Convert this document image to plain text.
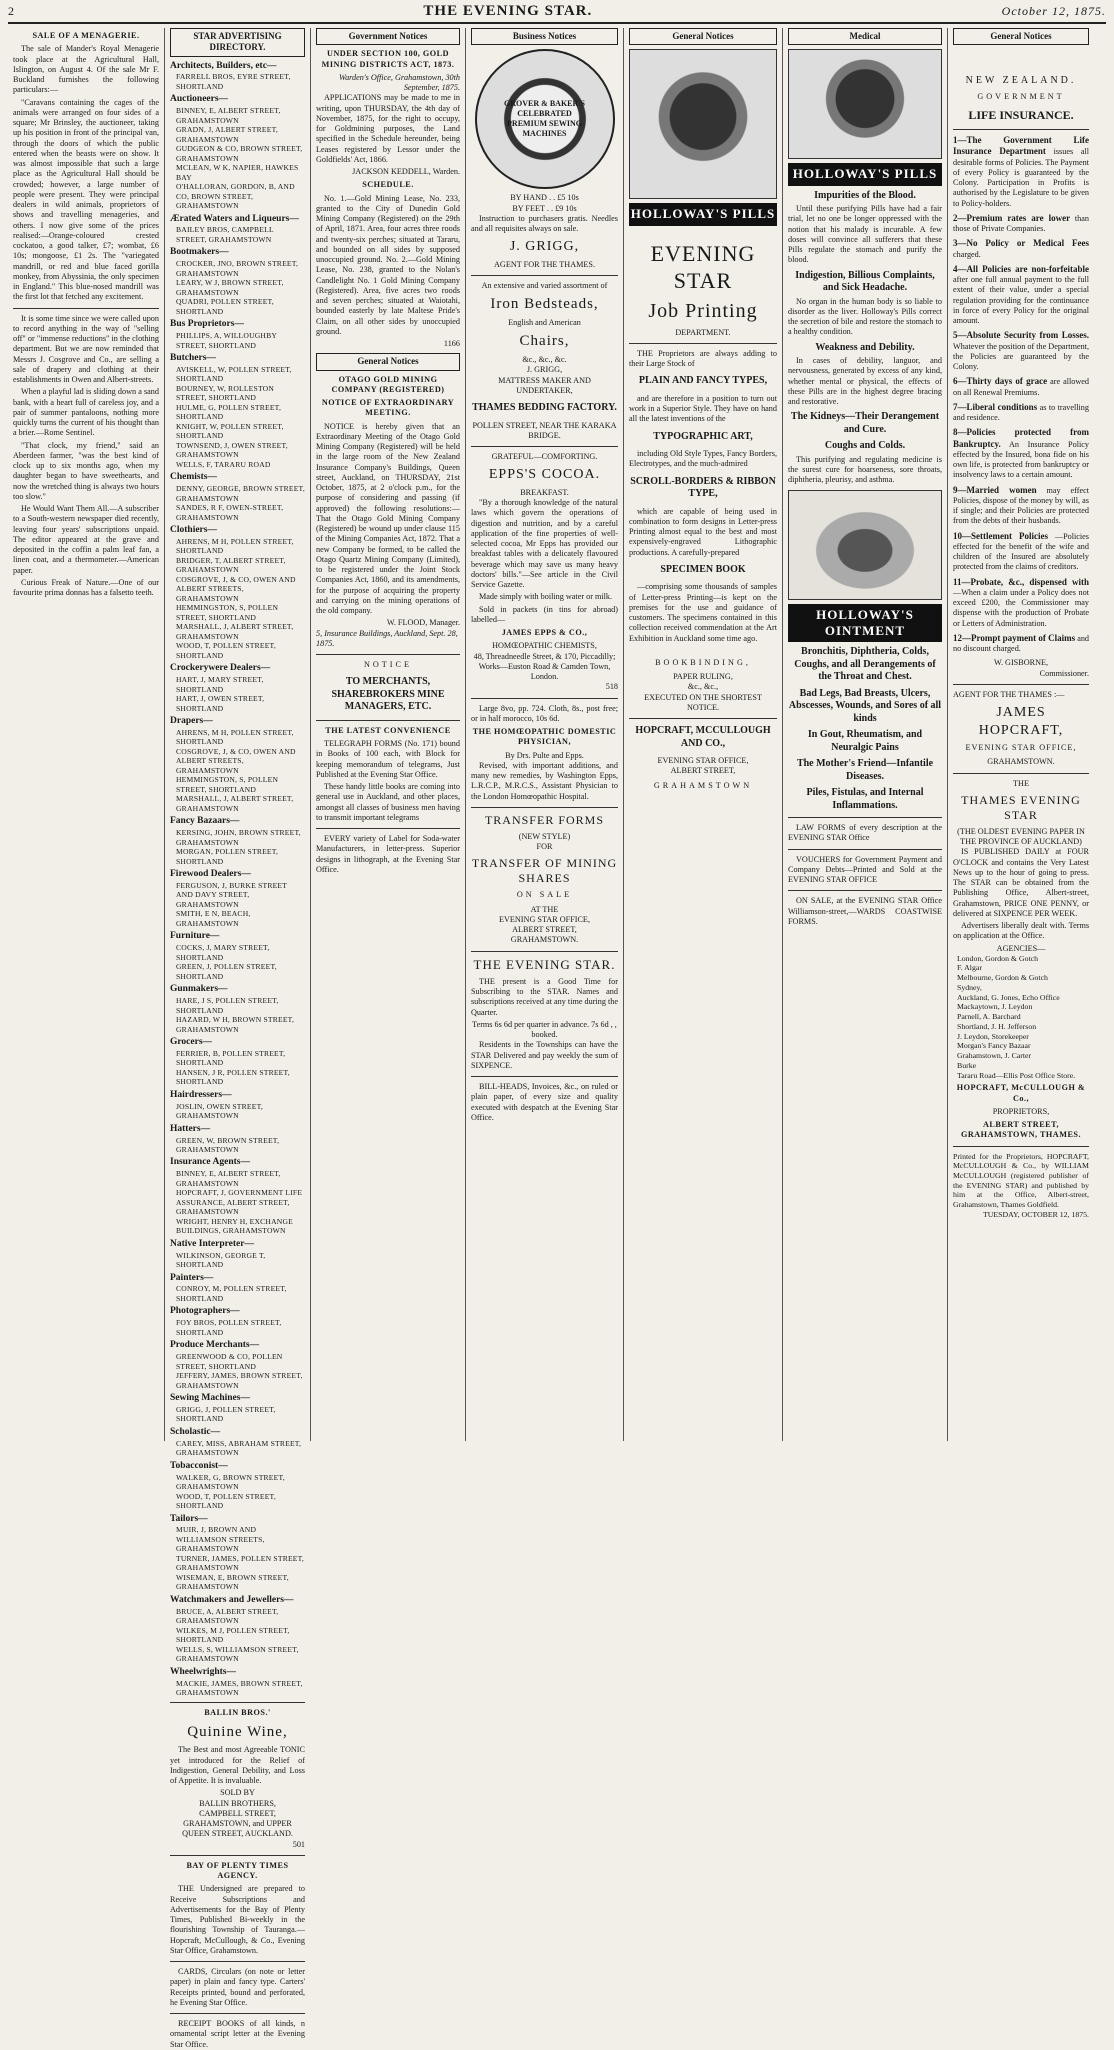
2	THE EVENING STAR.	October 12, 1875.
SALE OF A MENAGERIE.

The sale of Mander's Royal Menagerie took place at the Agricultural Hall, Islington, on August 4. Of the sale Mr F. Buckland furnishes the following particulars:—

"Caravans containing the cages of the animals were arranged on four sides of a square; Mr Brinsley, the auctioneer, taking up his position in front of the principal van, through the doors of which the public entered when the beasts were on show. It was almost impossible that such a large place as the Agricultural Hall should be crowded; however, a large number of people were present. They were principal dealers in wild animals, proprietors of shows and travelling menageries, and others. I now give some of the prices realised:—Orange-coloured crested cockatoo, a good talker, £7; wombat, £6 10s; mongoose, £1 2s. The "variegated mandrill, or red and blue faced gorilla monkey, from Abyssinia, the only specimen in England." This blue-nosed mandrill was the first lot that fetched any excitement.

It is some time since we were called upon to record anything in the way of "selling off" or "immense reductions" in the clothing department. But we are now reminded that Messrs J. Cosgrove and Co., are selling a sale of drapery and clothing at their establishments in Owen and Albert-streets.

When a playful lad is sliding down a sand bank, with a heart full of careless joy, and a pair of summer pantaloons, nothing more quickly turns the current of his thought than a brier.—Rome Sentinel.

"That clock, my friend," said an Aberdeen farmer, "was the best kind of clock up to six months ago, when my daughter began to have sweethearts, and now the wretched thing is always two hours too slow."

He Would Want Them All.—A subscriber to a South-western newspaper died recently, leaving four years' subscriptions unpaid. The editor appeared at the grave and deposited in the coffin a palm leaf fan, a linen coat, and a thermometer.—American paper.

Curious Freak of Nature.—One of our favourite prima donnas has a falsetto teeth.

STAR ADVERTISING DIRECTORY.
Architects, Builders, etc—
FARRELL BROS, EYRE STREET, SHORTLAND
Auctioneers—
BINNEY, E, ALBERT STREET, GRAHAMSTOWN
GRADN, J, ALBERT STREET, GRAHAMSTOWN
GUDGEON & CO, BROWN STREET, GRAHAMSTOWN
MCLEAN, W K, NAPIER, HAWKES BAY
O'HALLORAN, GORDON, B, AND CO, BROWN STREET, GRAHAMSTOWN
Ærated Waters and Liqueurs—
BAILEY BROS, CAMPBELL STREET, GRAHAMSTOWN
Bootmakers—
CROCKER, JNO, BROWN STREET, GRAHAMSTOWN
LEARY, W J, BROWN STREET, GRAHAMSTOWN
QUADRI, POLLEN STREET, SHORTLAND
Bus Proprietors—
PHILLIPS, A, WILLOUGHBY STREET, SHORTLAND
Butchers—
AVISKELL, W, POLLEN STREET, SHORTLAND
BOURNEY, W, ROLLESTON STREET, SHORTLAND
HULME, G, POLLEN STREET, SHORTLAND
KNIGHT, W, POLLEN STREET, SHORTLAND
TOWNSEND, J, OWEN STREET, GRAHAMSTOWN
WELLS, F, TARARU ROAD
Chemists—
DENNY, GEORGE, BROWN STREET, GRAHAMSTOWN
SANDES, R F, OWEN-STREET, GRAHAMSTOWN
Clothiers—
AHRENS, M H, POLLEN STREET, SHORTLAND
BRIDGER, T, ALBERT STREET, GRAHAMSTOWN
COSGROVE, J, & CO, OWEN AND ALBERT STREETS, GRAHAMSTOWN
HEMMINGSTON, S, POLLEN STREET, SHORTLAND
MARSHALL, J, ALBERT STREET, GRAHAMSTOWN
WOOD, T, POLLEN STREET, SHORTLAND
Crockerywere Dealers—
HART, J, MARY STREET, SHORTLAND
HART, J, OWEN STREET, SHORTLAND
Drapers—
AHRENS, M H, POLLEN STREET, SHORTLAND
COSGROVE, J, & CO, OWEN AND ALBERT STREETS, GRAHAMSTOWN
HEMMINGSTON, S, POLLEN STREET, SHORTLAND
MARSHALL, J, ALBERT STREET, GRAHAMSTOWN
Fancy Bazaars—
KERSING, JOHN, BROWN STREET, GRAHAMSTOWN
MORGAN, POLLEN STREET, SHORTLAND
Firewood Dealers—
FERGUSON, J, BURKE STREET AND DAVY STREET, GRAHAMSTOWN
SMITH, E N, BEACH, GRAHAMSTOWN
Furniture—
COCKS, J, MARY STREET, SHORTLAND
GREEN, J, POLLEN STREET, SHORTLAND
Gunmakers—
HARE, J S, POLLEN STREET, SHORTLAND
HAZARD, W H, BROWN STREET, GRAHAMSTOWN
Grocers—
FERRIER, B, POLLEN STREET, SHORTLAND
HANSEN, J R, POLLEN STREET, SHORTLAND
Hairdressers—
JOSLIN, OWEN STREET, GRAHAMSTOWN
Hatters—
GREEN, W, BROWN STREET, GRAHAMSTOWN
Insurance Agents—
BINNEY, E, ALBERT STREET, GRAHAMSTOWN
HOPCRAFT, J, GOVERNMENT LIFE ASSURANCE, ALBERT STREET, GRAHAMSTOWN
WRIGHT, HENRY H, EXCHANGE BUILDINGS, GRAHAMSTOWN
Native Interpreter—
WILKINSON, GEORGE T, SHORTLAND
Painters—
CONROY, M, POLLEN STREET, SHORTLAND
Photographers—
FOY BROS, POLLEN STREET, SHORTLAND
Produce Merchants—
GREENWOOD & CO, POLLEN STREET, SHORTLAND
JEFFERY, JAMES, BROWN STREET, GRAHAMSTOWN
Sewing Machines—
GRIGG, J, POLLEN STREET, SHORTLAND
Scholastic—
CAREY, MISS, ABRAHAM STREET, GRAHAMSTOWN
Tobacconist—
WALKER, G, BROWN STREET, GRAHAMSTOWN
WOOD, T, POLLEN STREET, SHORTLAND
Tailors—
MUIR, J, BROWN AND WILLIAMSON STREETS, GRAHAMSTOWN
TURNER, JAMES, POLLEN STREET, GRAHAMSTOWN
WISEMAN, E, BROWN STREET, GRAHAMSTOWN
Watchmakers and Jewellers—
BRUCE, A, ALBERT STREET, GRAHAMSTOWN
WILKES, M J, POLLEN STREET, SHORTLAND
WELLS, S, WILLIAMSON STREET, GRAHAMSTOWN
Wheelwrights—
MACKIE, JAMES, BROWN STREET, GRAHAMSTOWN
BALLIN BROS.'
Quinine Wine,

The Best and most Agreeable TONIC yet introduced for the Relief of Indigestion, General Debility, and Loss of Appetite. It is invaluable.

SOLD BY
BALLIN BROTHERS,
CAMPBELL STREET, GRAHAMSTOWN, and UPPER QUEEN STREET, AUCKLAND.
501
BAY OF PLENTY TIMES AGENCY.

THE Undersigned are prepared to Receive Subscriptions and Advertisements for the Bay of Plenty Times, Published Bi-weekly in the flourishing Township of Tauranga.—Hopcraft, McCullough, & Co., Evening Star Office, Grahamstown.

CARDS, Circulars (on note or letter paper) in plain and fancy type. Carters' Receipts printed, bound and perforated, he Evening Star Office.

RECEIPT BOOKS of all kinds, n ornamental script letter at the Evening Star Office.

Government Notices
UNDER SECTION 100, GOLD MINING DISTRICTS ACT, 1873.
Warden's Office, Grahamstown, 30th September, 1875.

APPLICATIONS may be made to me in writing, upon THURSDAY, the 4th day of November, 1875, for the right to occupy, for Goldmining purposes, the Land specified in the Schedule hereunder, being Leases registered by Lessor under the Goldfields' Act, 1866.

JACKSON KEDDELL, Warden.
SCHEDULE.

No. 1.—Gold Mining Lease, No. 233, granted to the City of Dunedin Gold Mining Company (Registered) on the 29th of April, 1871. Area, four acres three roods and twenty-six perches; situated at Tararu, and bounded on all sides by supposed unoccupied ground. No. 2.—Gold Mining Lease, No. 238, granted to the Nolan's Candlelight No. 1 Gold Mining Company (Registered). Area, five acres two roods and seven perches; situated at Waiotahi, bounded easterly by late Maltese Pride's Claim, on all other sides by unoccupied ground.

1166
General Notices
OTAGO GOLD MINING COMPANY (REGISTERED)
NOTICE OF EXTRAORDINARY MEETING.

NOTICE is hereby given that an Extraordinary Meeting of the Otago Gold Mining Company (Registered) will be held in the large room of the New Zealand Insurance Company's Buildings, Queen street, Auckland, on THURSDAY, 21st October, 1875, at 2 o'clock p.m., for the purpose of considering and passing (if approved) the following resolutions:— That the Otago Gold Mining Company (Registered) be wound up under clause 115 of the Mining Companies Act, 1872. That a new Company be formed, to be called the Otago Quartz Mining Company (Limited), to be registered under the Joint Stock Companies Act, 1860, and its amendments, for the purpose of acquiring the property and carrying on the mining operations of the old company.

W. FLOOD, Manager.
5, Insurance Buildings, Auckland, Sept. 28, 1875.
NOTICE
TO MERCHANTS, SHAREBROKERS MINE MANAGERS, ETC.
THE LATEST CONVENIENCE

TELEGRAPH FORMS (No. 171) bound in Books of 100 each, with Block for keeping memorandum of telegrams, Just Published at the Evening Star Office.

These handy little books are coming into general use in Auckland, and other places, amongst all classes of business men having to transmit important telegrams

EVERY variety of Label for Soda-water Manufacturers, in letter-press. Superior designs in lithograph, at the Evening Star Office.

Business Notices
GROVER & BAKER'S CELEBRATED PREMIUM SEWING MACHINES
BY HAND . . £5 10s
BY FEET . . £9 10s

Instruction to purchasers gratis. Needles and all requisites always on sale.

J. GRIGG,
AGENT FOR THE THAMES.
An extensive and varied assortment of
Iron Bedsteads,
English and American
Chairs,
&c., &c., &c.
J. GRIGG,
MATTRESS MAKER AND UNDERTAKER,
THAMES BEDDING FACTORY.
POLLEN STREET, NEAR THE KARAKA BRIDGE.
GRATEFUL—COMFORTING.
EPPS'S COCOA.
BREAKFAST.

"By a thorough knowledge of the natural laws which govern the operations of digestion and nutrition, and by a careful application of the fine properties of well-selected cocoa, Mr Epps has provided our breakfast tables with a delicately flavoured beverage which may save us many heavy doctors' bills."—See article in the Civil Service Gazette.

Made simply with boiling water or milk.

Sold in packets (in tins for abroad) labelled—

JAMES EPPS & CO.,
HOMŒOPATHIC CHEMISTS,
48, Threadneedle Street, & 170, Piccadilly; Works—Euston Road & Camden Town, London.
518

Large 8vo, pp. 724. Cloth, 8s., post free; or in half morocco, 10s 6d.

THE HOMŒOPATHIC DOMESTIC PHYSICIAN,
By Drs. Pulte and Epps.

Revised, with important additions, and many new remedies, by Washington Epps, L.R.C.P., M.R.C.S., Assistant Physician to the London Homœopathic Hospital.

TRANSFER FORMS
(NEW STYLE)
FOR
TRANSFER OF MINING SHARES
ON SALE
AT THE
EVENING STAR OFFICE,
ALBERT STREET,
GRAHAMSTOWN.
THE EVENING STAR.

THE present is a Good Time for Subscribing to the STAR. Names and subscriptions received at any time during the Quarter.

Terms 6s 6d per quarter in advance. 7s 6d , , booked.

Residents in the Townships can have the STAR Delivered and pay weekly the sum of SIXPENCE.

BILL-HEADS, Invoices, &c., on ruled or plain paper, of every size and quality executed with despatch at the Evening Star Office.

General Notices
HOLLOWAY'S PILLS
EVENING STAR
Job Printing
DEPARTMENT.

THE Proprietors are always adding to their Large Stock of

PLAIN AND FANCY TYPES,

and are therefore in a position to turn out work in a Superior Style. They have on hand all the latest inventions of the

TYPOGRAPHIC ART,

including Old Style Types, Fancy Borders, Electrotypes, and the much-admired

SCROLL-BORDERS & RIBBON TYPE,

which are capable of being used in combination to form designs in Letter-press Printing almost equal to the best and most expensively-engraved Lithographic productions. A carefully-prepared

SPECIMEN BOOK

—comprising some thousands of samples of Letter-press Printing—is kept on the premises for the use and guidance of customers. The specimens contained in this collection received commendation at the Art Exhibition in Auckland some time ago.

BOOKBINDING,
PAPER RULING,
&c., &c.,
EXECUTED ON THE SHORTEST NOTICE.
HOPCRAFT, MCCULLOUGH AND CO.,
EVENING STAR OFFICE,
ALBERT STREET,
GRAHAMSTOWN
Medical
HOLLOWAY'S PILLS
Impurities of the Blood.

Until these purifying Pills have had a fair trial, let no one be longer oppressed with the notion that his malady is incurable. A few doses will convince all sufferers that these Pills regulate the stomach and purify the blood.

Indigestion, Billious Complaints, and Sick Headache.

No organ in the human body is so liable to disorder as the liver. Holloway's Pills correct the secretion of bile and restore the stomach to a healthy condition.

Weakness and Debility.

In cases of debility, languor, and nervousness, generated by excess of any kind, whether mental or physical, the effects of these Pills are in the highest degree bracing and restorative.

The Kidneys—Their Derangement and Cure.
Coughs and Colds.

This purifying and regulating medicine is the surest cure for hoarseness, sore throats, diphtheria, pleurisy, and asthma.

HOLLOWAY'S OINTMENT
Bronchitis, Diphtheria, Colds, Coughs, and all Derangements of the Throat and Chest.
Bad Legs, Bad Breasts, Ulcers, Abscesses, Wounds, and Sores of all kinds
In Gout, Rheumatism, and Neuralgic Pains
The Mother's Friend—Infantile Diseases.
Piles, Fistulas, and Internal Inflammations.

LAW FORMS of every description at the EVENING STAR Office

VOUCHERS for Government Payment and Company Debts—Printed and Sold at the EVENING STAR OFFICE

ON SALE, at the EVENING STAR Office Williamson-street,—WARDS COASTWISE FORMS.

General Notices
NEW ZEALAND.
GOVERNMENT
LIFE INSURANCE.
1—The Government Life Insurance Department issues all desirable forms of Policies. The Payment of every Policy is guaranteed by the Colony. Participation in Profits is authorised by the Legislature to be given to Policy-holders.
2—Premium rates are lower than those of Private Companies.
3—No Policy or Medical Fees charged.
4—All Policies are non-forfeitable after one full annual payment to the full extent of their value, under a special regulation providing for the continuance in force of every Policy for the original amount.
5—Absolute Security from Losses. Whatever the position of the Department, the Policies are guaranteed by the Colony.
6—Thirty days of grace are allowed on all Renewal Premiums.
7—Liberal conditions as to travelling and residence.
8—Policies protected from Bankruptcy. An Insurance Policy effected by the Insured, bona fide on his own life, is protected from bankruptcy or insolvency laws to a certain amount.
9—Married women may effect Policies, dispose of the money by will, as if single; and their Policies are protected from the debts of their husbands.
10—Settlement Policies —Policies effected for the benefit of the wife and children of the Insured are absolutely protected from the claims of creditors.
11—Probate, &c., dispensed with —When a claim under a Policy does not exceed £200, the Commissioner may dispense with the production of Probate or Letters of Administration.
12—Prompt payment of Claims and no discount charged.
W. GISBORNE,
Commissioner.
AGENT FOR THE THAMES :—
JAMES HOPCRAFT,
EVENING STAR OFFICE,
GRAHAMSTOWN.
THE
THAMES EVENING STAR
(THE OLDEST EVENING PAPER IN THE PROVINCE OF AUCKLAND)

IS PUBLISHED DAILY at FOUR O'CLOCK and contains the Very Latest News up to the hour of going to press. The STAR can be obtained from the Publishing Office, Albert-street, Grahamstown, PRICE ONE PENNY, or delivered at SIXPENCE PER WEEK.

Advertisers liberally dealt with. Terms on application at the Office.

AGENCIES—
London, Gordon & Gotch
F. Algar
Melbourne, Gordon & Gotch
Sydney,
Auckland, G. Jones, Echo Office
Mackaytown, J. Leydon
Parnell, A. Barchard
Shortland, J. H. Jefferson
J. Leydon, Storekeeper
Morgan's Fancy Bazaar
Grahamstown, J. Carter
Burke
Tararu Road—Ellis Post Office Store.
HOPCRAFT, McCULLOUGH & Co.,
PROPRIETORS,
ALBERT STREET, GRAHAMSTOWN, THAMES.

Printed for the Proprietors, HOPCRAFT, McCULLOUGH & Co., by WILLIAM McCULLOUGH (registered publisher of the EVENING STAR) and published by him at the Office, Albert-street, Grahamstown, Thames Goldfield.

TUESDAY, OCTOBER 12, 1875.
